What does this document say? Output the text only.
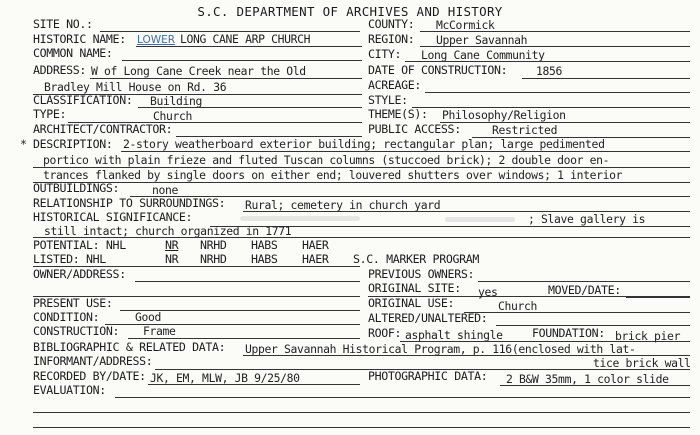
S.C. DEPARTMENT OF ARCHIVES AND HISTORY
SITE NO.:
HISTORIC NAME: LOWER LONG CANE ARP CHURCH
COMMON NAME:
ADDRESS: W of Long Cane Creek near the Old
Bradley Mill House on Rd. 36
CLASSIFICATION: Building
TYPE:	Church
ARCHITECT/CONTRACTOR:
COUNTY: McCormick
REGION: Upper Savannah
CITY: Long Cane Community
DATE OF CONSTRUCTION:	1856
ACREAGE:
STYLE:
THEME(S): Philosophy/Religion
PUBLIC ACCESS:	Restricted
* DESCRIPTION: 2-story weatherboard exterior building; rectangular plan; large pedimented
portico with plain frieze and fluted Tuscan columns (stuccoed brick); 2 double door en-
trances flanked by single doors on either end; louvered shutters over windows; 1 interior
OUTBUILDINGS:	none
RELATIONSHIP TO SURROUNDINGS: Rural; cemetery in church yard
HISTORICAL SIGNIFICANCE:	; Slave gallery is
still intact; church organized in 1771
POTENTIAL: NHL	NR NRHD HABS HAER
LISTED: NHL	NR NRHD HABS HAER
OWNER/ADDRESS:
PRESENT USE:
CONDITION:	Good
CONSTRUCTION: Frame
S.C. MARKER PROGRAM
PREVIOUS OWNERS:
ORIGINAL SITE: yes	MOVED/DATE:
ORIGINAL USE:	Church
ALTERED/UNALTERED:
ROOF: asphalt shingle	FOUNDATION: brick pier
BIBLIOGRAPHIC & RELATED DATA: Upper Savannah Historical Program, p. 116(enclosed with lat-
INFORMANT/ADDRESS:	tice brick wall
RECORDED BY/DATE: JK, EM, MLW, JB 9/25/80	PHOTOGRAPHIC DATA: 2 B&W 35mm, 1 color slide
EVALUATION:
